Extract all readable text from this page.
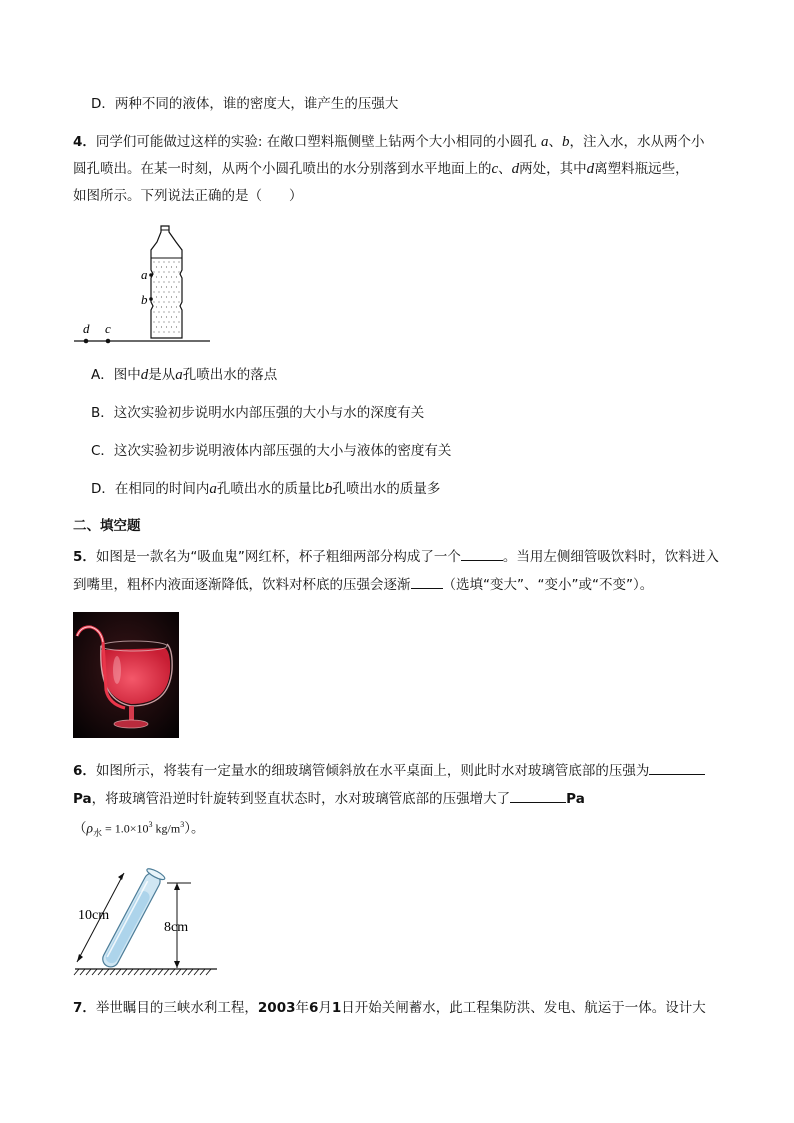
D．两种不同的液体，谁的密度大，谁产生的压强大
4．同学们可能做过这样的实验: 在敞口塑料瓶侧壁上钻两个大小相同的小圆孔 a、b，注入水，水从两个小
圆孔喷出。在某一时刻，从两个小圆孔喷出的水分别落到水平地面上的c、d两处，其中d离塑料瓶远些，
如图所示。下列说法正确的是（　　）
a
b
d c
A．图中d是从a孔喷出水的落点
B．这次实验初步说明水内部压强的大小与水的深度有关
C．这次实验初步说明液体内部压强的大小与液体的密度有关
D．在相同的时间内a孔喷出水的质量比b孔喷出水的质量多
二、填空题
5．如图是一款名为“吸血鬼”网红杯，杯子粗细两部分构成了一个	。当用左侧细管吸饮料时，饮料进入
到嘴里，粗杯内液面逐渐降低，饮料对杯底的压强会逐渐 （选填“变大”、“变小”或“不变”）。
6．如图所示，将装有一定量水的细玻璃管倾斜放在水平桌面上，则此时水对玻璃管底部的压强为
Pa，将玻璃管沿逆时针旋转到竖直状态时，水对玻璃管底部的压强增大了	Pa
（$\rho_水 = 1.0\times 10^3$ $kg/m^3$）。
10cm
8cm
7．举世瞩目的三峡水利工程，2003年6月1日开始关闸蓄水，此工程集防洪、发电、航运于一体。设计大
